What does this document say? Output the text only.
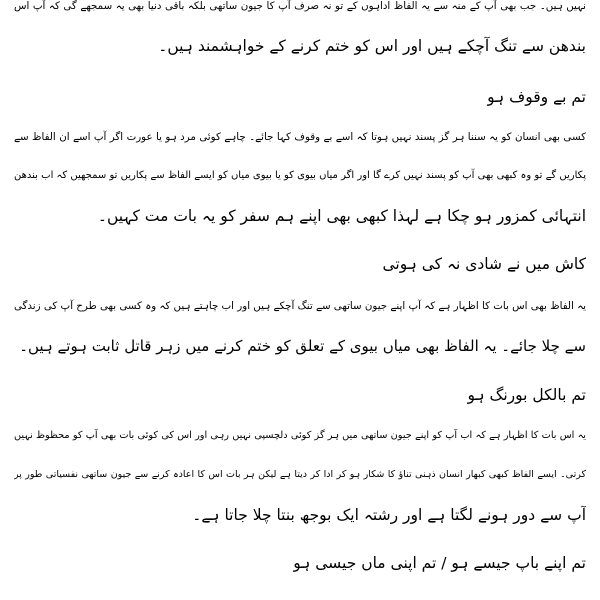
نہیں ہیں۔ جب بھی آپ کے منہ سے یہ الفاظ اداہوں کے تو نہ صرف آپ کا جیون ساتھی بلکہ باقی دنیا بھی یہ سمجھے گی کہ آپ اس
بندھن سے تنگ آچکے ہیں اور اس کو ختم کرنے کے خواہشمند ہیں۔
تم بے وقوف ہو
کسی بھی انسان کو یہ سننا ہر گز پسند نہیں ہوتا کہ اسے بے وقوف کہا جائے۔ چاہے کوئی مرد ہو یا عورت اگر آپ اسے ان الفاظ سے
پکاریں گے تو وہ کبھی بھی آپ کو پسند نہیں کرے گا اور اگر میاں بیوی کو یا بیوی میاں کو ایسے الفاظ سے پکاریں تو سمجھیں کہ اب بندھن
انتہائی کمزور ہو چکا ہے لہذا کبھی بھی اپنے ہم سفر کو یہ بات مت کہیں۔
کاش میں نے شادی نہ کی ہوتی
یہ الفاظ بھی اس بات کا اظہار ہے کہ آپ اپنے جیون ساتھی سے تنگ آچکے ہیں اور اب چاہتے ہیں کہ وہ کسی بھی طرح آپ کی زندگی
سے چلا جائے۔ یہ الفاظ بھی میاں بیوی کے تعلق کو ختم کرنے میں زہر قاتل ثابت ہوتے ہیں۔
تم بالکل بورنگ ہو
یہ اس بات کا اظہار ہے کہ اب آپ کو اپنے جیون ساتھی میں ہر گز کوئی دلچسپی نہیں رہی اور اس کی کوئی بات بھی آپ کو محظوظ نہیں
کرتی۔ ایسے الفاظ کبھی کبھار انسان ذہنی تناؤ کا شکار ہو کر ادا کر دیتا ہے لیکن ہر بات اس کا اعادہ کرنے سے جیون ساتھی نفسیاتی طور پر
آپ سے دور ہونے لگتا ہے اور رشتہ ایک بوجھ بنتا چلا جاتا ہے۔
تم اپنے باپ جیسے ہو / تم اپنی ماں جیسی ہو
